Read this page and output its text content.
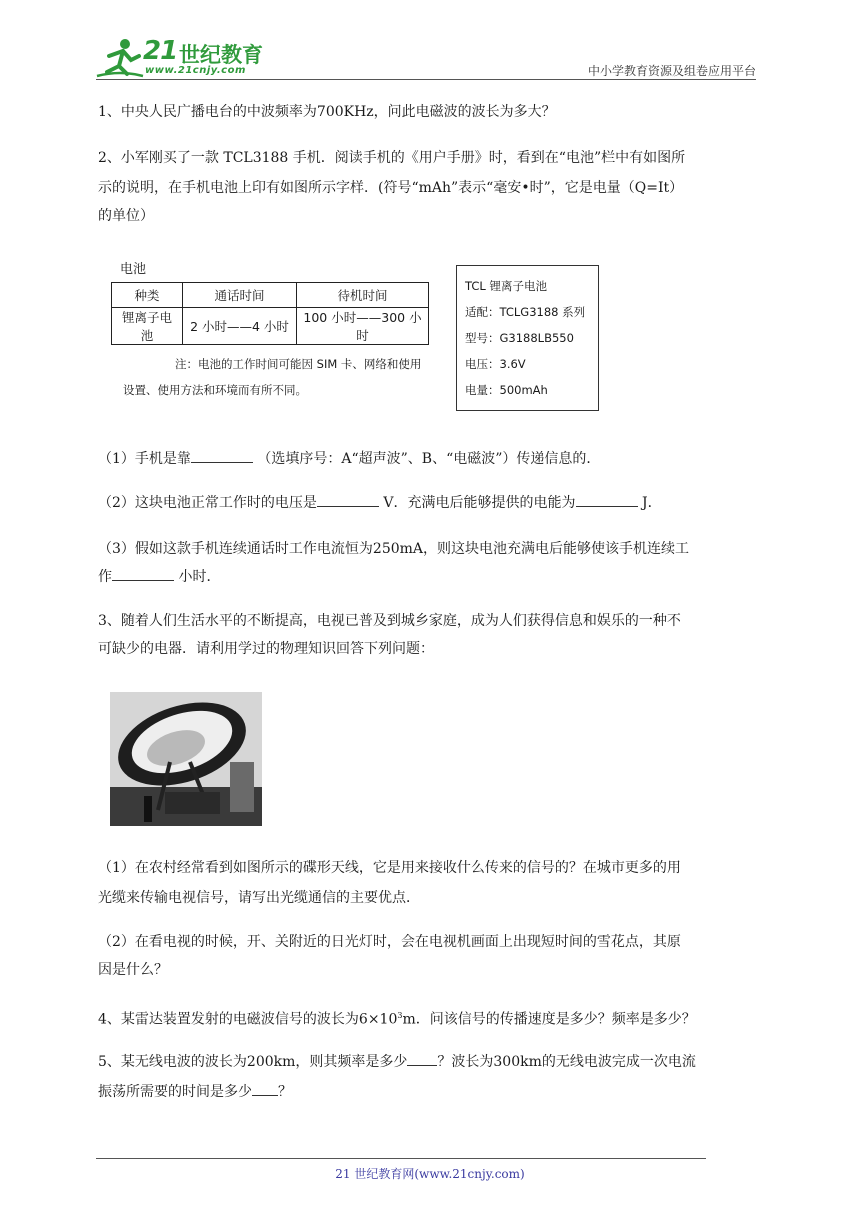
21 世纪教育
www.21cnjy.com	中小学教育资源及组卷应用平台
1、中央人民广播电台的中波频率为700KHz，问此电磁波的波长为多大？
2、小军刚买了一款 TCL3188 手机．阅读手机的《用户手册》时，看到在“电池”栏中有如图所
示的说明，在手机电池上印有如图所示字样．(符号“mAh”表示“毫安•时”，它是电量（Q=It）
的单位）
电池
种类	通话时间	待机时间
锂离子电池	2 小时——4 小时	100 小时——300 小时
注：电池的工作时间可能因 SIM 卡、网络和使用
设置、使用方法和环境而有所不同。
TCL 锂离子电池
适配：TCLG3188 系列
型号：G3188LB550
电压：3.6V
电量：500mAh
（1）手机是靠	（选填序号：A“超声波”、B、“电磁波”）传递信息的．
（2）这块电池正常工作时的电压是	V．充满电后能够提供的电能为	J．
（3）假如这款手机连续通话时工作电流恒为250mA，则这块电池充满电后能够使该手机连续工
作	小时．
3、随着人们生活水平的不断提高，电视已普及到城乡家庭，成为人们获得信息和娱乐的一种不
可缺少的电器．请利用学过的物理知识回答下列问题：
（1）在农村经常看到如图所示的碟形天线，它是用来接收什么传来的信号的？在城市更多的用
光缆来传输电视信号，请写出光缆通信的主要优点．
（2）在看电视的时候，开、关附近的日光灯时，会在电视机画面上出现短时间的雪花点，其原
因是什么？
4、某雷达装置发射的电磁波信号的波长为$6\times 10^3m$．问该信号的传播速度是多少？频率是多少？
5、某无线电波的波长为200km，则其频率是多少 ？波长为300km的无线电波完成一次电流
振荡所需要的时间是多少 ？
21 世纪教育网(www.21cnjy.com)
